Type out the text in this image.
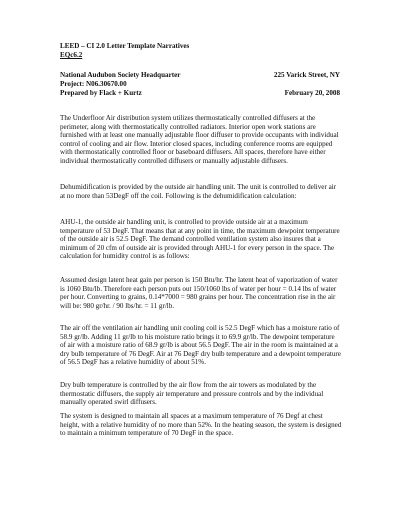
LEED – CI 2.0 Letter Template Narratives
EQc6.2
National Audubon Society Headquarter	225 Varick Street, NY
Project: N06.30670.00
Prepared by Flack + Kurtz	February 20, 2008

The Underfloor Air distribution system utilizes thermostatically controlled diffusers at the perimeter, along with thermostatically controlled radiators. Interior open work stations are furnished with at least one manually adjustable floor diffuser to provide occupants with individual control of cooling and air flow. Interior closed spaces, including conference rooms are equipped with thermostatically controlled floor or baseboard diffusers. All spaces, therefore have either individual thermostatically controlled diffusers or manually adjustable diffusers.

Dehumidification is provided by the outside air handling unit. The unit is controlled to deliver air at no more than 53DegF off the coil. Following is the dehumidification calculation:

AHU-1, the outside air handling unit, is controlled to provide outside air at a maximum temperature of 53 DegF. That means that at any point in time, the maximum dewpoint temperature of the outside air is 52.5 DegF. The demand controlled ventilation system also insures that a minimum of 20 cfm of outside air is provided through AHU-1 for every person in the space. The calculation for humidity control is as follows:

Assumed design latent heat gain per person is 150 Btu/hr. The latent heat of vaporization of water is 1060 Btu/lb. Therefore each person puts out 150/1060 lbs of water per hour = 0.14 lbs of water per hour. Converting to grains, 0.14*7000 = 980 grains per hour. The concentration rise in the air will be: 980 gr/hr. / 90 lbs/hr. = 11 gr/lb.

The air off the ventilation air handling unit cooling coil is 52.5 DegF which has a moisture ratio of 58.9 gr/lb. Adding 11 gr/lb to his moisture ratio brings it to 69.9 gr/lb. The dewpoint temperature of air with a moisture ratio of 68.9 gr/lb is about 56.5 DegF. The air in the room is maintained at a dry bulb temperature of 76 DegF. Air at 76 DegF dry bulb temperature and a dewpoint temperature of 56.5 DegF has a relative humidity of about 51%.

Dry bulb temperature is controlled by the air flow from the air towers as modulated by the thermostatic diffusers, the supply air temperature and pressure controls and by the individual manually operated swirl diffusers.

The system is designed to maintain all spaces at a maximum temperature of 76 Degf at chest height, with a relative humidity of no more than 52%. In the heating season, the system is designed to maintain a minimum temperature of 70 DegF in the space.
